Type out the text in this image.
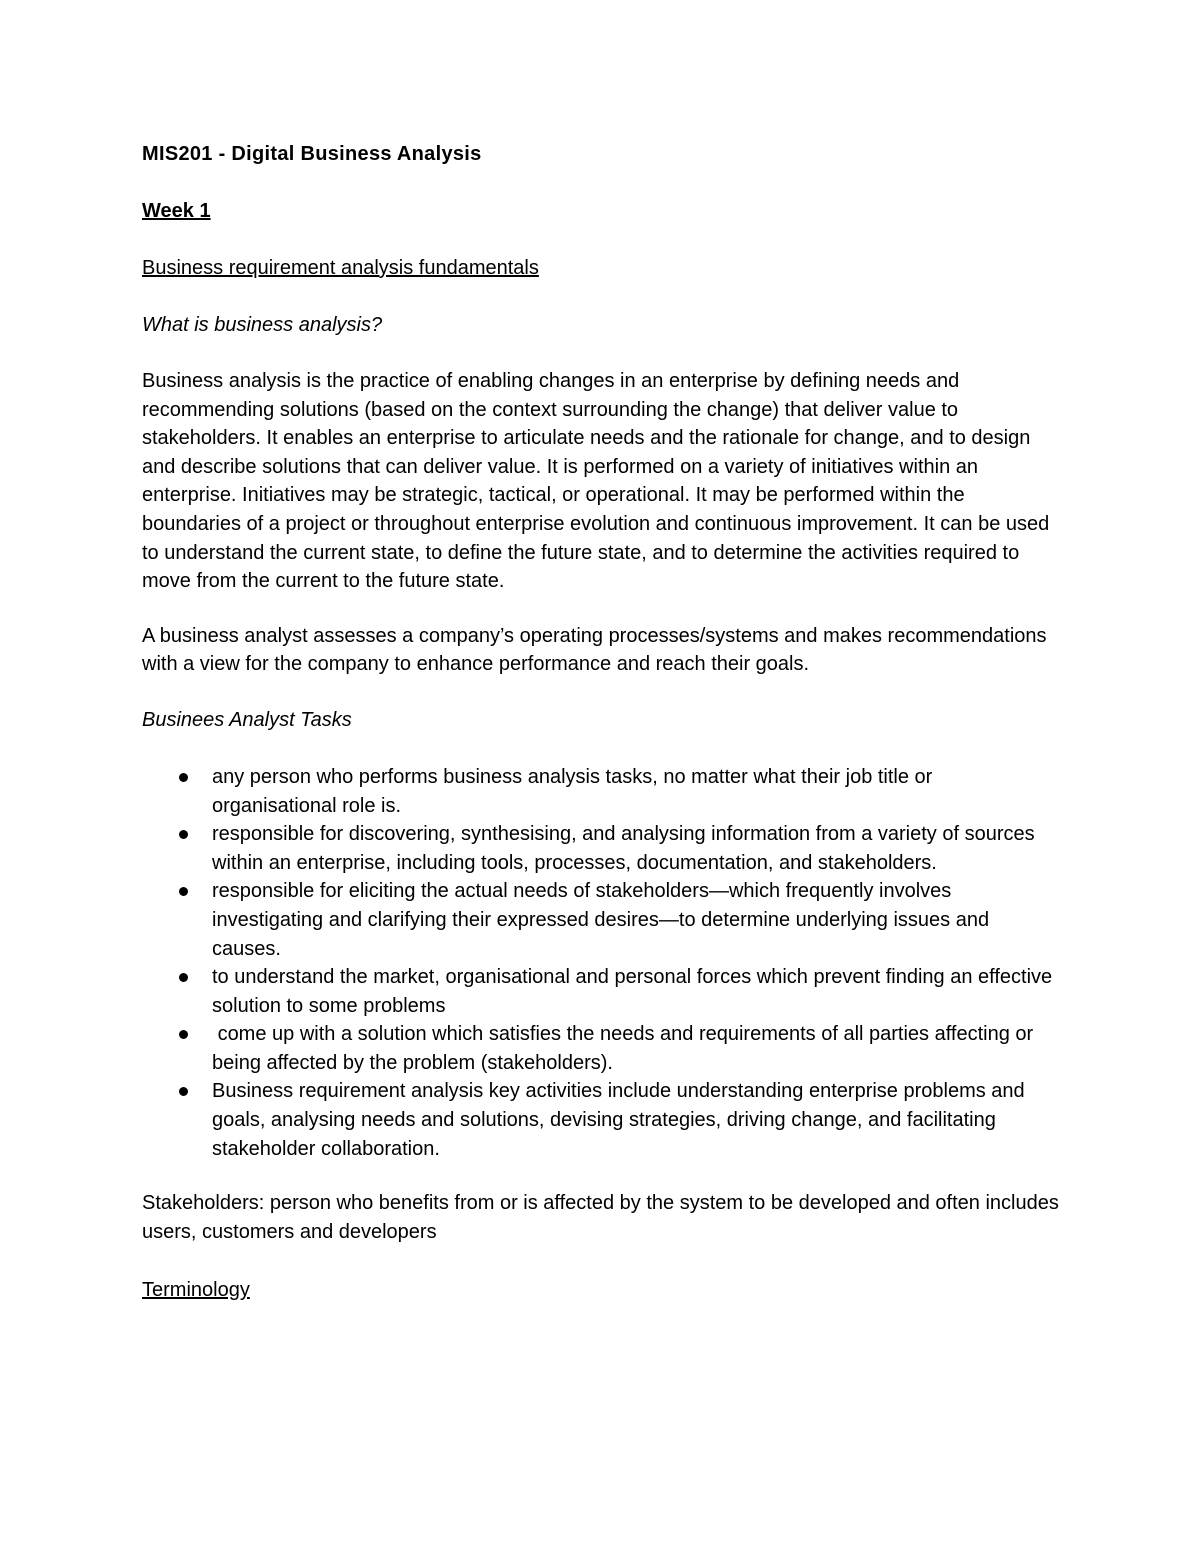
MIS201 - Digital Business Analysis

Week 1

Business requirement analysis fundamentals

What is business analysis?

Business analysis is the practice of enabling changes in an enterprise by defining needs and recommending solutions (based on the context surrounding the change) that deliver value to stakeholders. It enables an enterprise to articulate needs and the rationale for change, and to design and describe solutions that can deliver value. It is performed on a variety of initiatives within an enterprise. Initiatives may be strategic, tactical, or operational. It may be performed within the boundaries of a project or throughout enterprise evolution and continuous improvement. It can be used to understand the current state, to define the future state, and to determine the activities required to move from the current to the future state.

A business analyst assesses a company’s operating processes/systems and makes recommendations with a view for the company to enhance performance and reach their goals.

Businees Analyst Tasks

any person who performs business analysis tasks, no matter what their job title or organisational role is.
responsible for discovering, synthesising, and analysing information from a variety of sources within an enterprise, including tools, processes, documentation, and stakeholders.
responsible for eliciting the actual needs of stakeholders—which frequently involves investigating and clarifying their expressed desires—to determine underlying issues and causes.
to understand the market, organisational and personal forces which prevent finding an effective solution to some problems
come up with a solution which satisfies the needs and requirements of all parties affecting or being affected by the problem (stakeholders).
Business requirement analysis key activities include understanding enterprise problems and goals, analysing needs and solutions, devising strategies, driving change, and facilitating stakeholder collaboration.

Stakeholders: person who benefits from or is affected by the system to be developed and often includes users, customers and developers

Terminology
